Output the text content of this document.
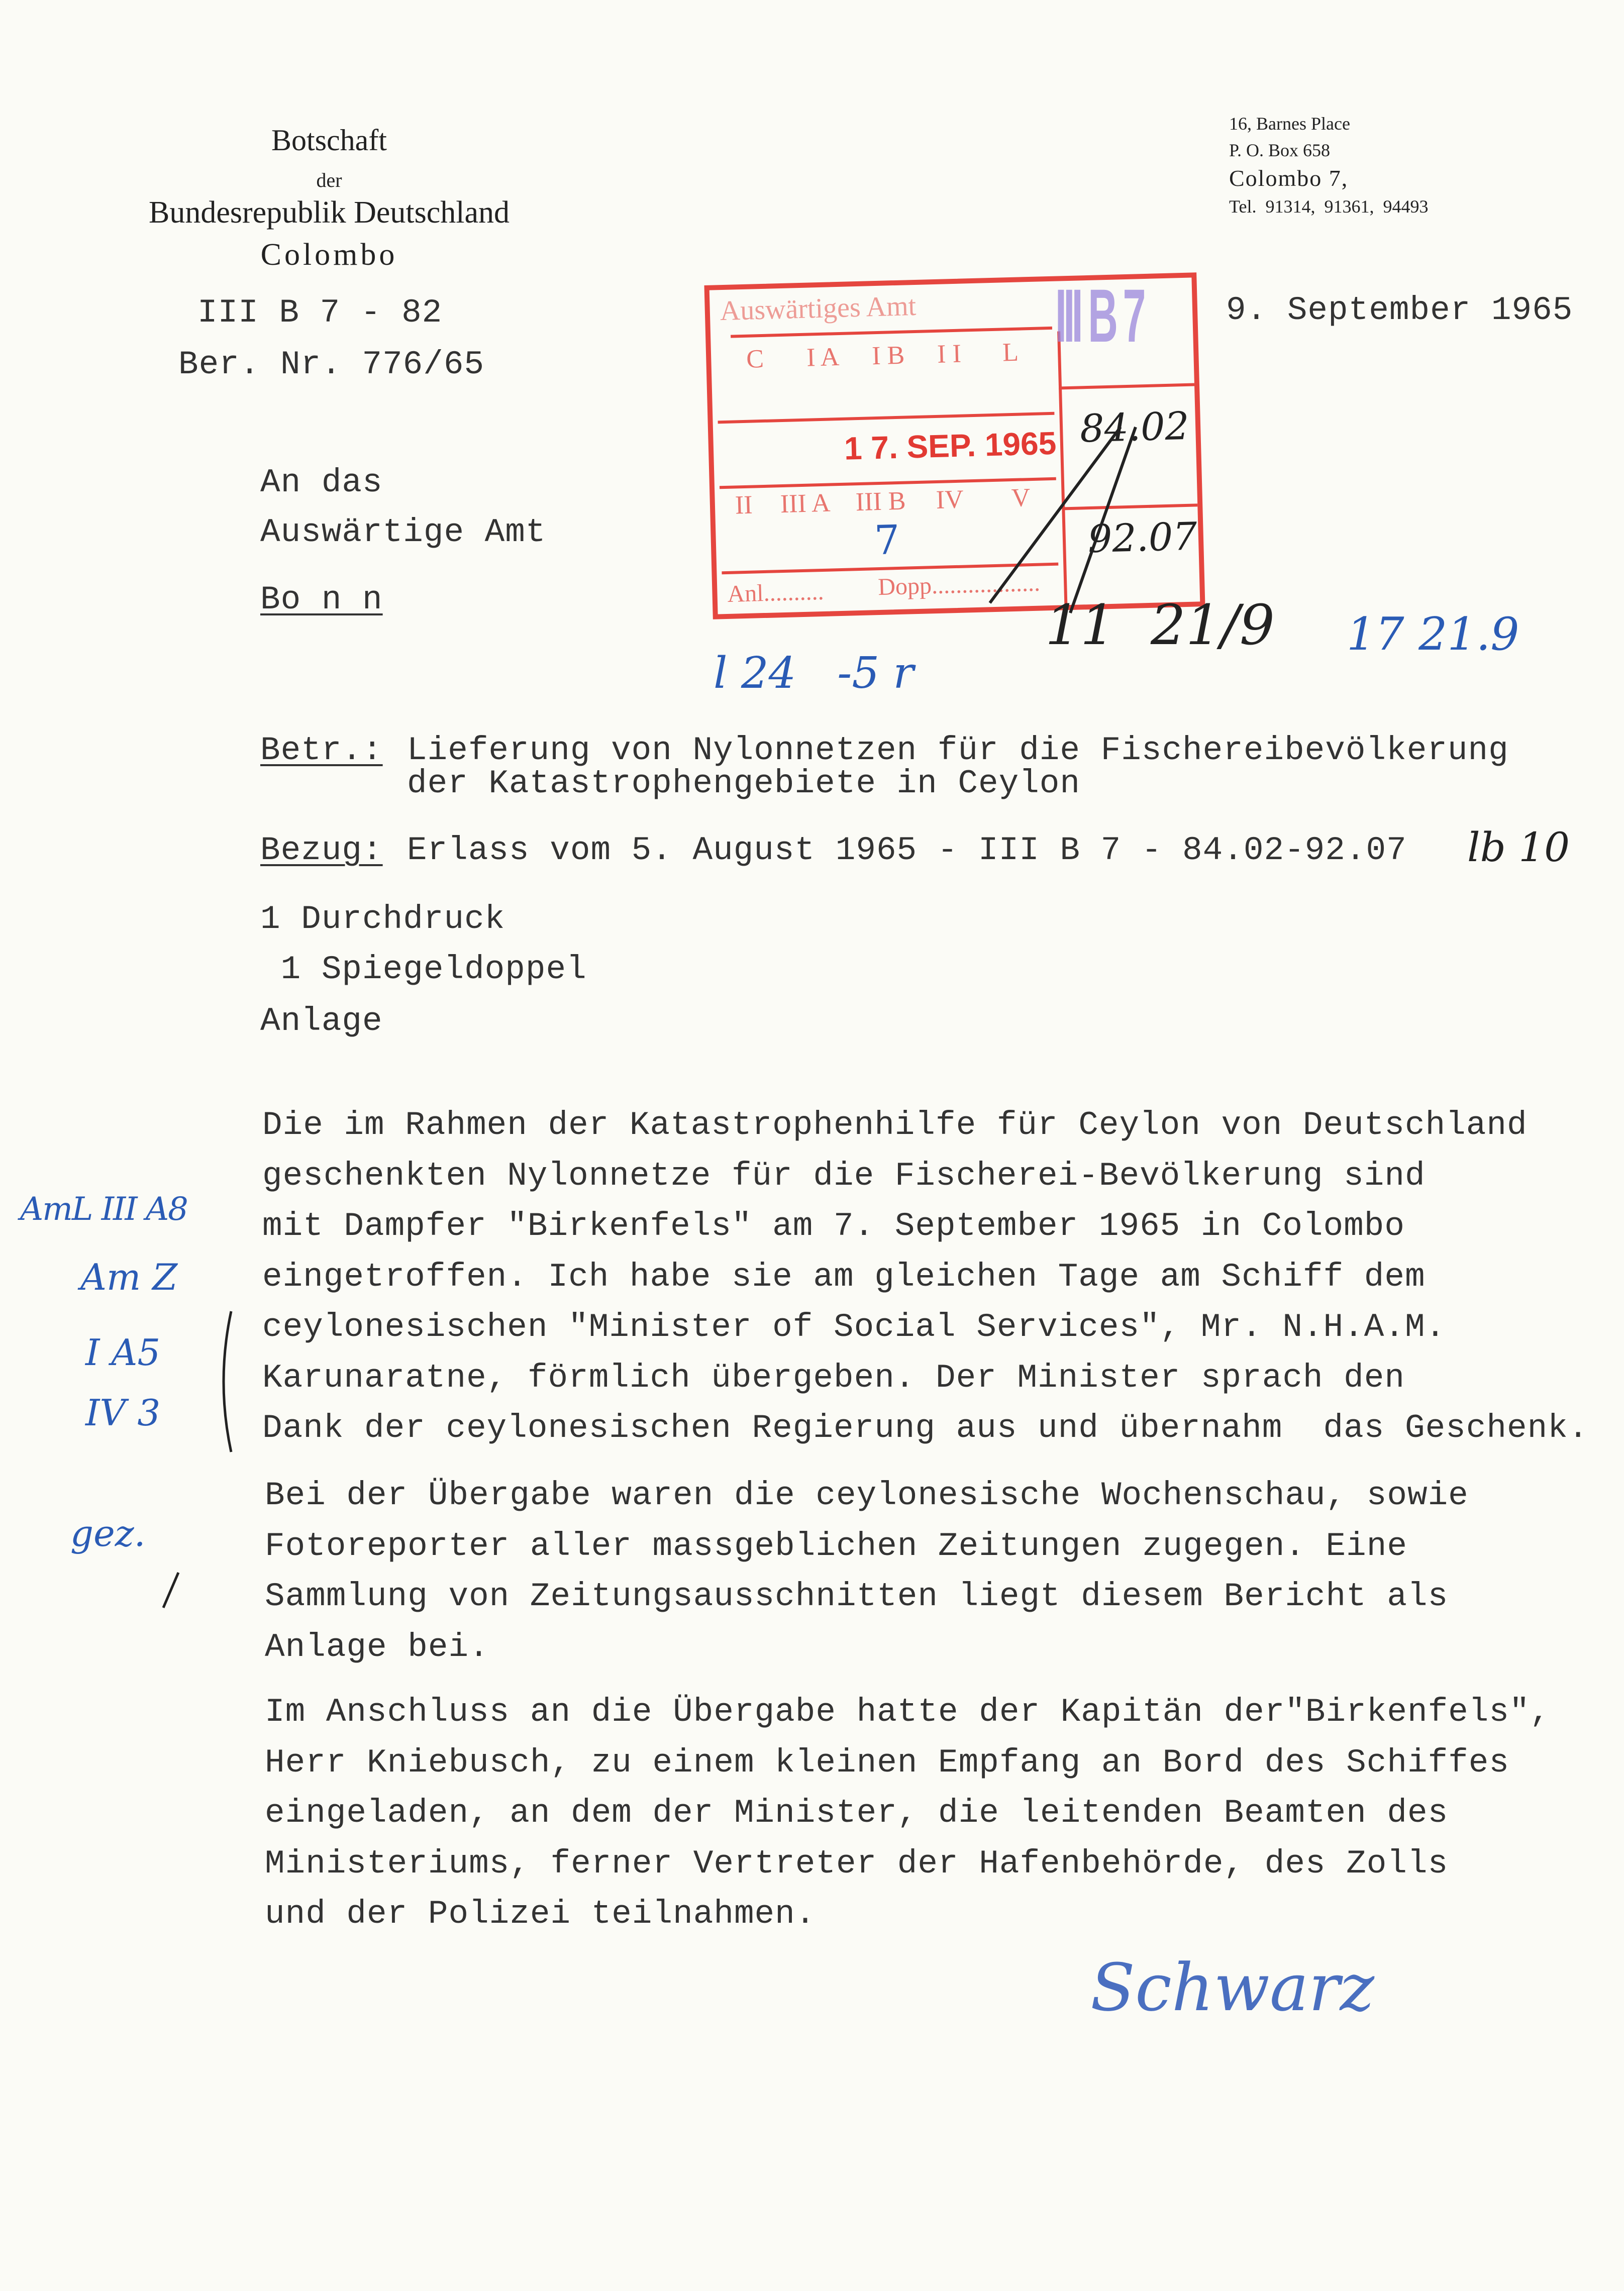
Botschaft
der
Bundesrepublik Deutschland
Colombo
16, Barnes Place
P. O. Box 658
Colombo 7,
Tel.  91314,  91361,  94493
III B 7 - 82
Ber. Nr. 776/65
9. September 1965
Auswärtiges Amt
C I A I B I I L
1 7. SEP. 1965
II III A III B IV V
7
Anl.......... Dopp..................
84.02
92.07
III B 7
An das
Auswärtige Amt
Bo n n
l 24   -5 r
11  21/9 17 21.9
Betr.: Lieferung von Nylonnetzen für die Fischereibevölkerung
der Katastrophengebiete in Ceylon
Bezug: Erlass vom 5. August 1965 - III B 7 - 84.02-92.07 lb 10
1 Durchdruck
1 Spiegeldoppel
Anlage
Die im Rahmen der Katastrophenhilfe für Ceylon von Deutschland
geschenkten Nylonnetze für die Fischerei-Bevölkerung sind
mit Dampfer "Birkenfels" am 7. September 1965 in Colombo
eingetroffen. Ich habe sie am gleichen Tage am Schiff dem
ceylonesischen "Minister of Social Services", Mr. N.H.A.M.
Karunaratne, förmlich übergeben. Der Minister sprach den
Dank der ceylonesischen Regierung aus und übernahm  das Geschenk.
Bei der Übergabe waren die ceylonesische Wochenschau, sowie
Fotoreporter aller massgeblichen Zeitungen zugegen. Eine
Sammlung von Zeitungsausschnitten liegt diesem Bericht als
Anlage bei.
Im Anschluss an die Übergabe hatte der Kapitän der"Birkenfels",
Herr Kniebusch, zu einem kleinen Empfang an Bord des Schiffes
eingeladen, an dem der Minister, die leitenden Beamten des
Ministeriums, ferner Vertreter der Hafenbehörde, des Zolls
und der Polizei teilnahmen.
AmL III A8
Am Z
I A5
IV 3
gez.
Schwarz
